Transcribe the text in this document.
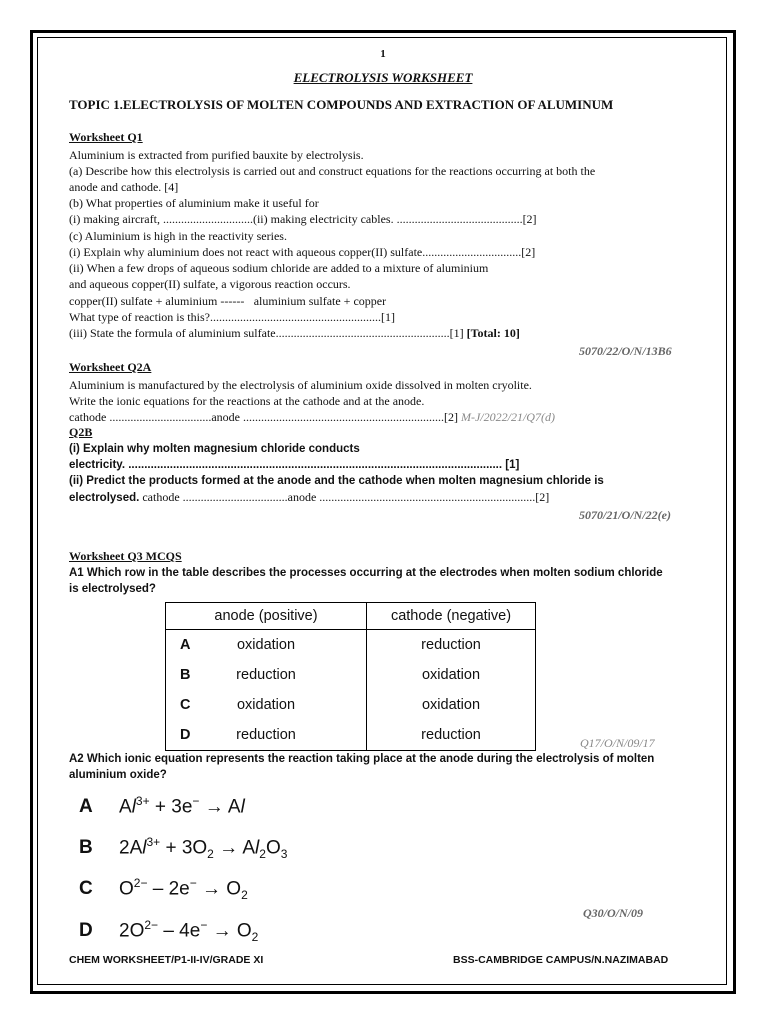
1
ELECTROLYSIS WORKSHEET
TOPIC 1.ELECTROLYSIS OF MOLTEN COMPOUNDS AND EXTRACTION OF ALUMINUM
Worksheet Q1
Aluminium is extracted from purified bauxite by electrolysis.
(a) Describe how this electrolysis is carried out and construct equations for the reactions occurring at both the
anode and cathode. [4]
(b) What properties of aluminium make it useful for
(i) making aircraft, ..............................(ii) making electricity cables. ..........................................[2]
(c) Aluminium is high in the reactivity series.
(i) Explain why aluminium does not react with aqueous copper(II) sulfate.................................[2]
(ii) When a few drops of aqueous sodium chloride are added to a mixture of aluminium
and aqueous copper(II) sulfate, a vigorous reaction occurs.
copper(II) sulfate + aluminium ------ aluminium sulfate + copper
What type of reaction is this?.........................................................[1]
(iii) State the formula of aluminium sulfate..........................................................[1] [Total: 10]
5070/22/O/N/13B6
Worksheet Q2A
Aluminium is manufactured by the electrolysis of aluminium oxide dissolved in molten cryolite.
Write the ionic equations for the reactions at the cathode and at the anode.
cathode ..................................anode ...................................................................[2] M-J/2022/21/Q7(d)
Q2B
(i) Explain why molten magnesium chloride conducts
electricity. ..................................................................................................................... [1]
(ii) Predict the products formed at the anode and the cathode when molten magnesium chloride is
electrolysed. cathode ...................................anode ........................................................................[2]
5070/21/O/N/22(e)
Worksheet Q3 MCQS
A1 Which row in the table describes the processes occurring at the electrodes when molten sodium chloride
is electrolysed?
anode (positive)	cathode (negative)

A oxidation	reduction

B reduction	oxidation

C oxidation	oxidation

D reduction	reduction	Q17/O/N/09/17
A2 Which ionic equation represents the reaction taking place at the anode during the electrolysis of molten
aluminium oxide?
A $Al^{3+} + 3e^- \to Al$
B $2Al^{3+} + 3O_2 \to Al_2O_3$
C $O^{2-} - 2e^- \to O_2$
Q30/O/N/09
D $2O^{2-} - 4e^- \to O_2$
CHEM WORKSHEET/P1-II-IV/GRADE XI	BSS-CAMBRIDGE CAMPUS/N.NAZIMABAD
